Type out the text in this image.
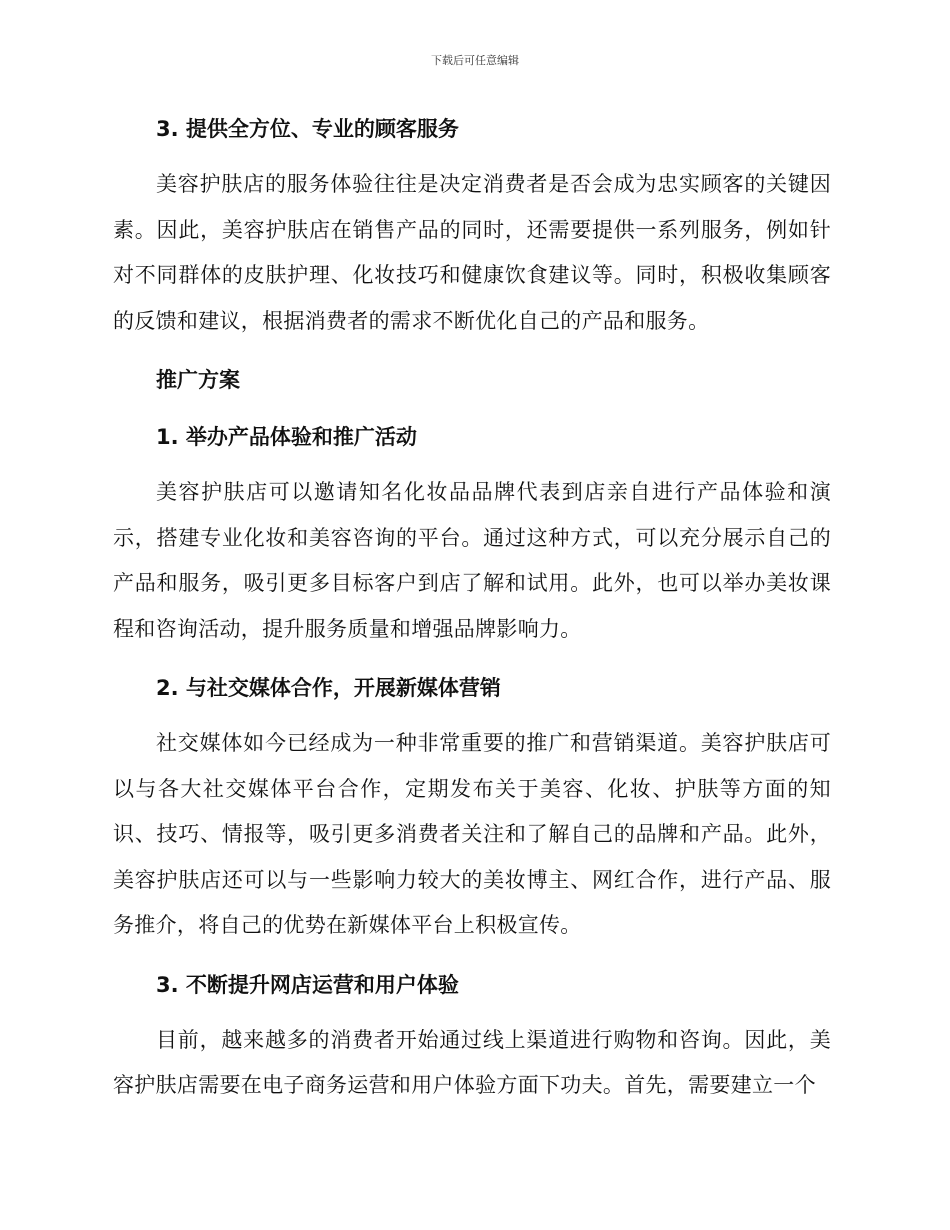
下载后可任意编辑

3. 提供全方位、专业的顾客服务

美容护肤店的服务体验往往是决定消费者是否会成为忠实顾客的关键因素。因此，美容护肤店在销售产品的同时，还需要提供一系列服务，例如针对不同群体的皮肤护理、化妆技巧和健康饮食建议等。同时，积极收集顾客的反馈和建议，根据消费者的需求不断优化自己的产品和服务。

推广方案

1. 举办产品体验和推广活动

美容护肤店可以邀请知名化妆品品牌代表到店亲自进行产品体验和演示，搭建专业化妆和美容咨询的平台。通过这种方式，可以充分展示自己的产品和服务，吸引更多目标客户到店了解和试用。此外，也可以举办美妆课程和咨询活动，提升服务质量和增强品牌影响力。

2. 与社交媒体合作，开展新媒体营销

社交媒体如今已经成为一种非常重要的推广和营销渠道。美容护肤店可以与各大社交媒体平台合作，定期发布关于美容、化妆、护肤等方面的知识、技巧、情报等，吸引更多消费者关注和了解自己的品牌和产品。此外，美容护肤店还可以与一些影响力较大的美妆博主、网红合作，进行产品、服务推介，将自己的优势在新媒体平台上积极宣传。

3. 不断提升网店运营和用户体验

目前，越来越多的消费者开始通过线上渠道进行购物和咨询。因此，美容护肤店需要在电子商务运营和用户体验方面下功夫。首先，需要建立一个
